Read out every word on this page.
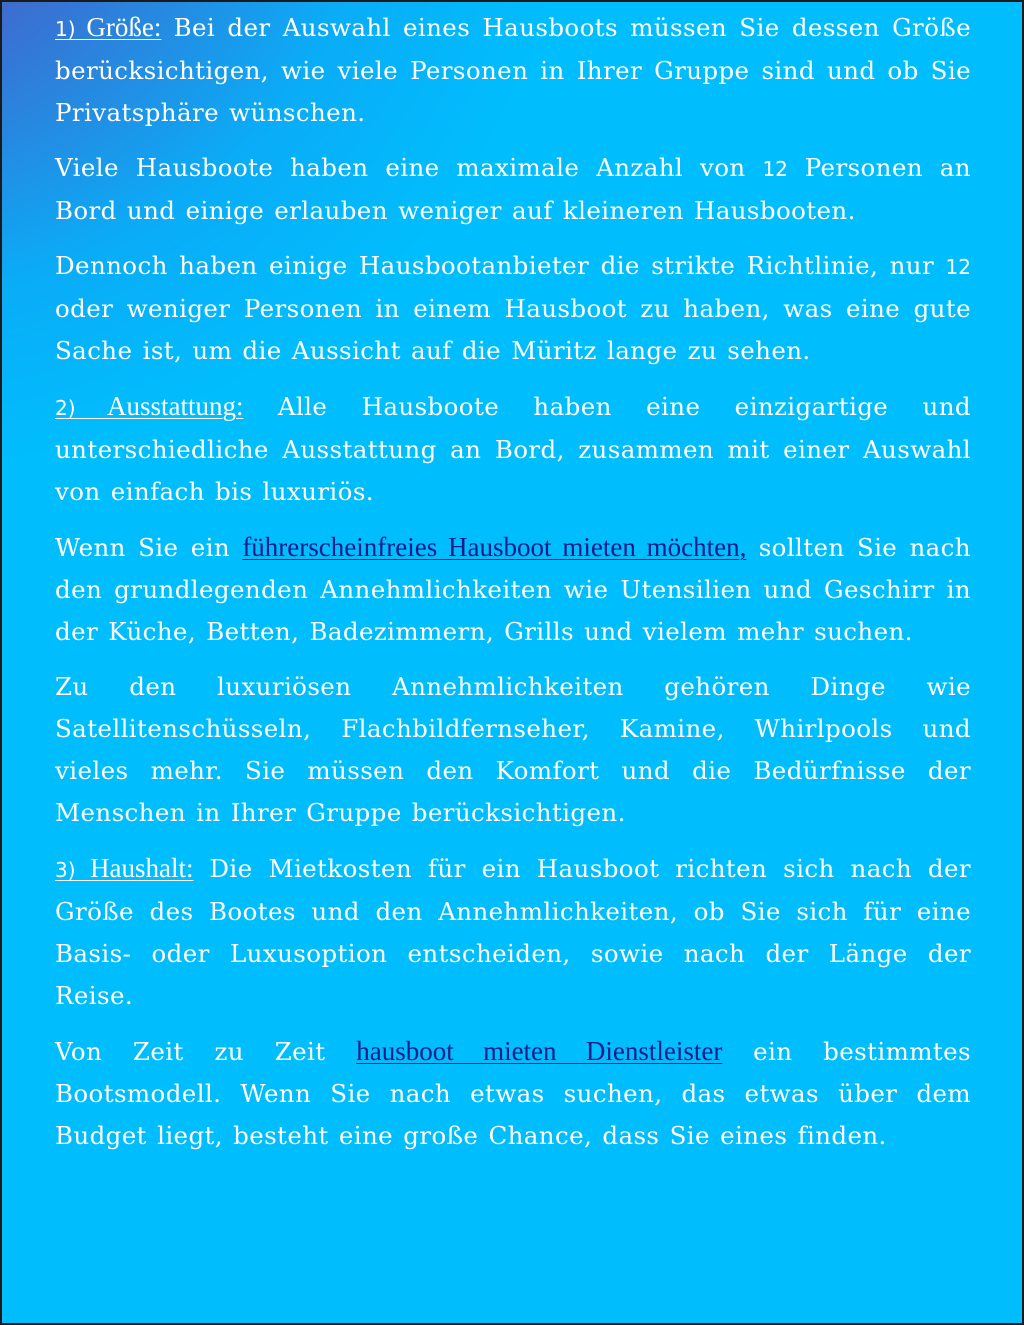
1) Größe: Bei der Auswahl eines Hausboots müssen Sie dessen Größe berücksichtigen, wie viele Personen in Ihrer Gruppe sind und ob Sie Privatsphäre wünschen.

Viele Hausboote haben eine maximale Anzahl von 12 Personen an Bord und einige erlauben weniger auf kleineren Hausbooten.

Dennoch haben einige Hausbootanbieter die strikte Richtlinie, nur 12 oder weniger Personen in einem Hausboot zu haben, was eine gute Sache ist, um die Aussicht auf die Müritz lange zu sehen.

2) Ausstattung: Alle Hausboote haben eine einzigartige und unterschiedliche Ausstattung an Bord, zusammen mit einer Auswahl von einfach bis luxuriös.

Wenn Sie ein führerscheinfreies Hausboot mieten möchten, sollten Sie nach den grundlegenden Annehmlichkeiten wie Utensilien und Geschirr in der Küche, Betten, Badezimmern, Grills und vielem mehr suchen.

Zu den luxuriösen Annehmlichkeiten gehören Dinge wie Satellitenschüsseln, Flachbildfernseher, Kamine, Whirlpools und vieles mehr. Sie müssen den Komfort und die Bedürfnisse der Menschen in Ihrer Gruppe berücksichtigen.

3) Haushalt: Die Mietkosten für ein Hausboot richten sich nach der Größe des Bootes und den Annehmlichkeiten, ob Sie sich für eine Basis- oder Luxusoption entscheiden, sowie nach der Länge der Reise.

Von Zeit zu Zeit hausboot mieten Dienstleister ein bestimmtes Bootsmodell. Wenn Sie nach etwas suchen, das etwas über dem Budget liegt, besteht eine große Chance, dass Sie eines finden.
